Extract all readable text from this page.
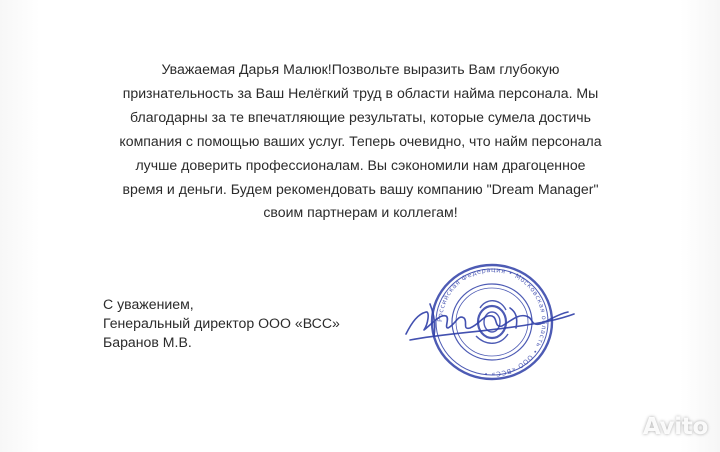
Уважаемая Дарья Малюк!Позвольте выразить Вам глубокую
признательность за Ваш Нелёгкий труд в области найма персонала. Мы
благодарны за те впечатляющие результаты, которые сумела достичь
компания с помощью ваших услуг. Теперь очевидно, что найм персонала
лучше доверить профессионалам. Вы сэкономили нам драгоценное
время и деньги. Будем рекомендовать вашу компанию "Dream Manager"
своим партнерам и коллегам!

С уважением,
Генеральный директор ООО «ВСС»
Баранов М.В.
Российская Федерация • Московская область • ООО «ВСС» •
Avito
